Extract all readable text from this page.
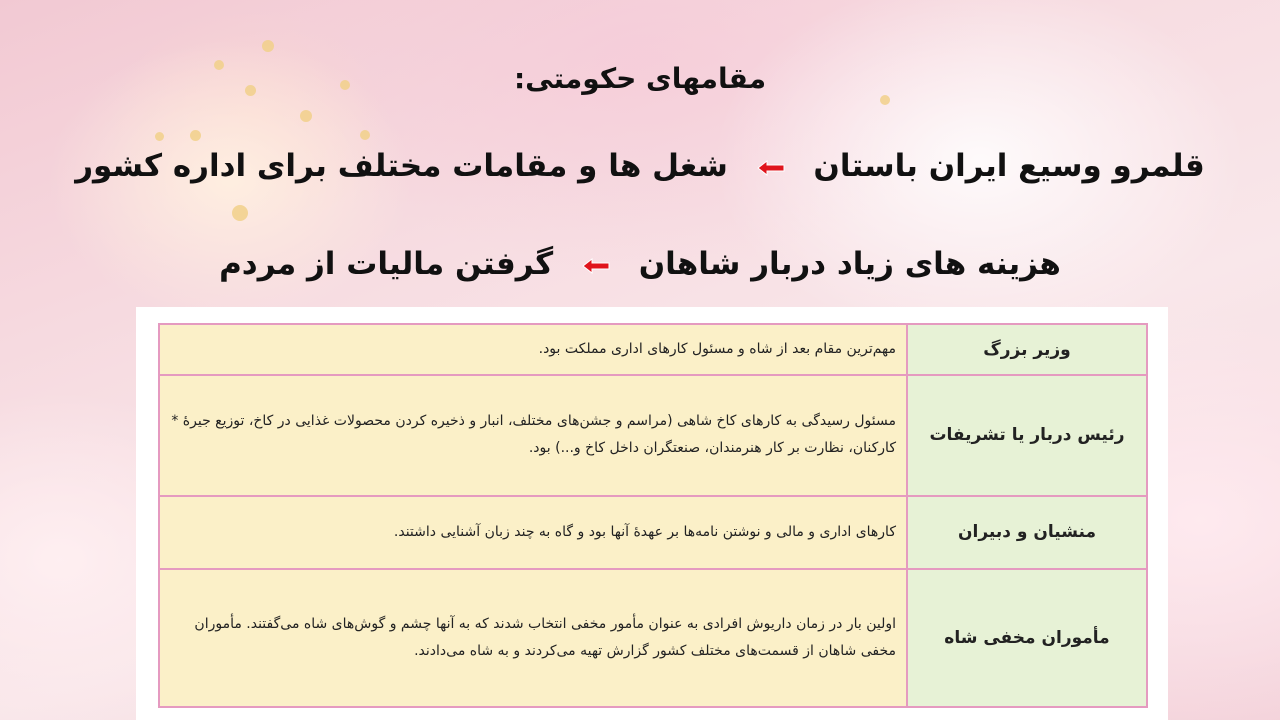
مقامهای حکومتی:
قلمرو وسیع ایران باستان  شغل ها و مقامات مختلف برای اداره کشور
هزینه های زیاد دربار شاهان  گرفتن مالیات از مردم
وزیر بزرگ	مهم‌ترین مقام بعد از شاه و مسئول کارهای اداری مملکت بود.
رئیس دربار یا تشریفات	مسئول رسیدگی به کارهای کاخ شاهی (مراسم و جشن‌های مختلف، انبار و ذخیره کردن محصولات غذایی در کاخ، توزیع جیرهٔ * کارکنان، نظارت بر کار هنرمندان، صنعتگران داخل کاخ و...) بود.
منشیان و دبیران	کارهای اداری و مالی و نوشتن نامه‌ها بر عهدهٔ آنها بود و گاه به چند زبان آشنایی داشتند.
مأموران مخفی شاه	اولین بار در زمان داریوش افرادی به عنوان مأمور مخفی انتخاب شدند که به آنها چشم و گوش‌های شاه می‌گفتند. مأموران مخفی شاهان از قسمت‌های مختلف کشور گزارش تهیه می‌کردند و به شاه می‌دادند.
